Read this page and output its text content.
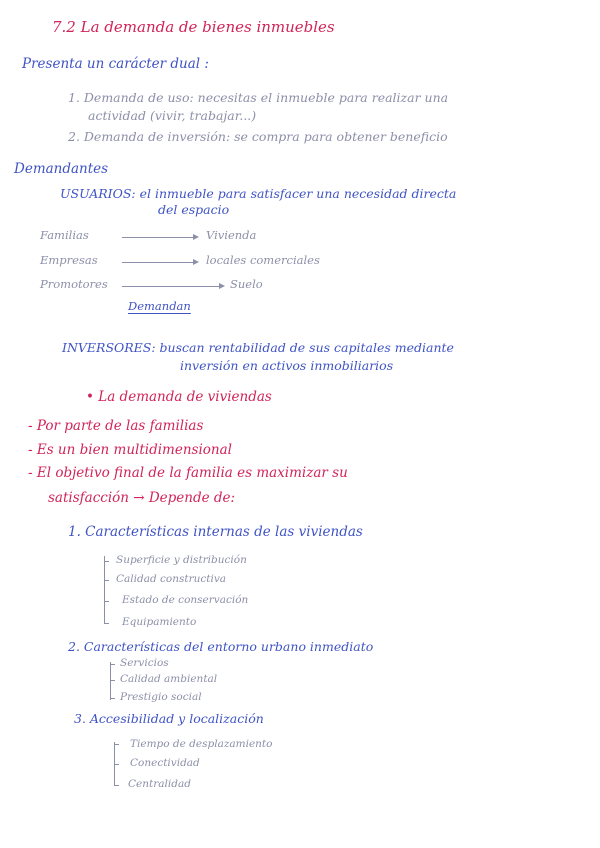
7.2 La demanda de bienes inmuebles
Presenta un carácter dual :
1. Demanda de uso: necesitas el inmueble para realizar una
actividad (vivir, trabajar...)
2. Demanda de inversión: se compra para obtener beneficio
Demandantes
USUARIOS: el inmueble para satisfacer una necesidad directa
del espacio
Familias	Vivienda
Empresas	locales comerciales
Promotores	Suelo
Demandan
INVERSORES: buscan rentabilidad de sus capitales mediante
inversión en activos inmobiliarios
• La demanda de viviendas
- Por parte de las familias
- Es un bien multidimensional
- El objetivo final de la familia es maximizar su
satisfacción → Depende de:
1. Características internas de las viviendas
Superficie y distribución
Calidad constructiva
Estado de conservación
Equipamiento
2. Características del entorno urbano inmediato
Servicios
Calidad ambiental
Prestigio social
3. Accesibilidad y localización
Tiempo de desplazamiento
Conectividad
Centralidad
